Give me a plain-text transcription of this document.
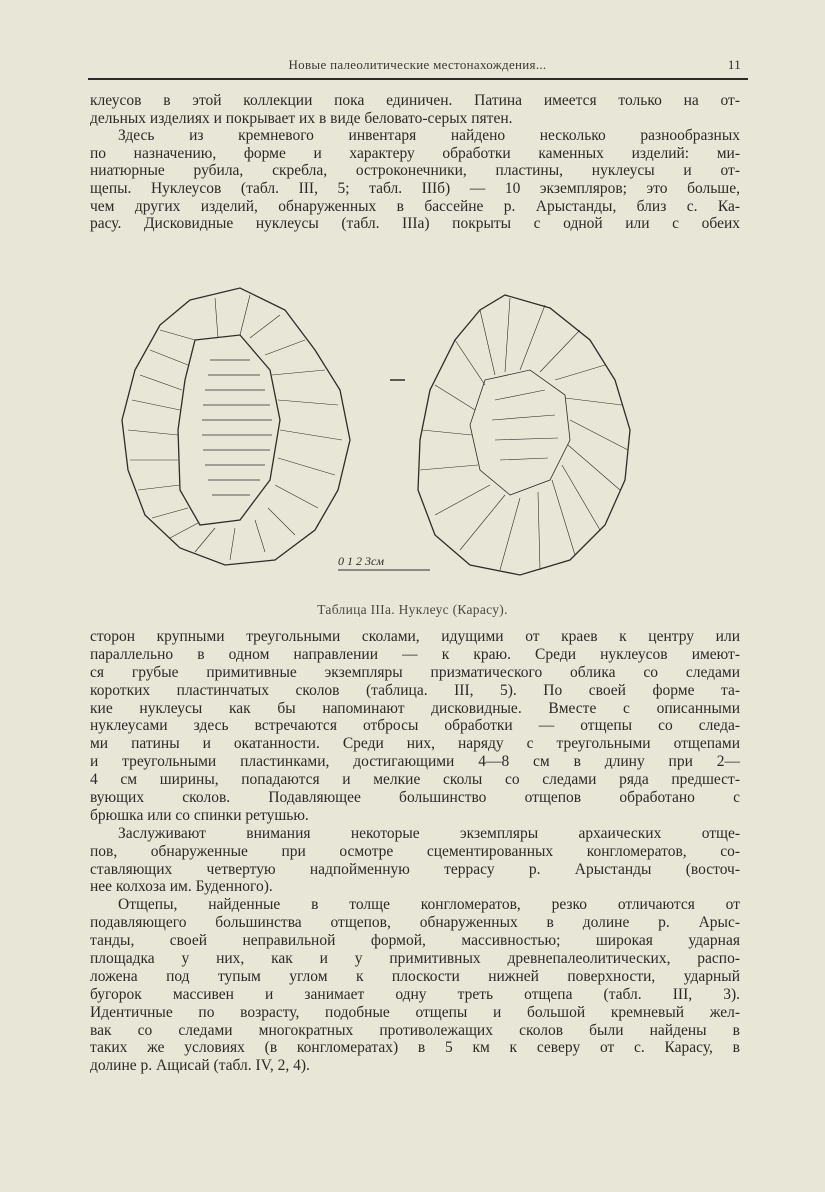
Новые палеолитические местонахождения...	11
клеусов в этой коллекции пока единичен. Патина имеется только на от-
дельных изделиях и покрывает их в виде беловато-серых пятен.
Здесь из кремневого инвентаря найдено несколько разнообразных
по назначению, форме и характеру обработки каменных изделий: ми-
ниатюрные рубила, скребла, остроконечники, пластины, нуклеусы и от-
щепы. Нуклеусов (табл. III, 5; табл. IIIб) — 10 экземпляров; это больше,
чем других изделий, обнаруженных в бассейне р. Арыстанды, близ с. Ка-
расу. Дисковидные нуклеусы (табл. IIIа) покрыты с одной или с обеих
0 1 2 3см
Таблица IIIа. Нуклеус (Карасу).
сторон крупными треугольными сколами, идущими от краев к центру или
параллельно в одном направлении — к краю. Среди нуклеусов имеют-
ся грубые примитивные экземпляры призматического облика со следами
коротких пластинчатых сколов (таблица. III, 5). По своей форме та-
кие нуклеусы как бы напоминают дисковидные. Вместе с описанными
нуклеусами здесь встречаются отбросы обработки — отщепы со следа-
ми патины и окатанности. Среди них, наряду с треугольными отщепами
и треугольными пластинками, достигающими 4—8 см в длину при 2—
4 см ширины, попадаются и мелкие сколы со следами ряда предшест-
вующих сколов. Подавляющее большинство отщепов обработано с
брюшка или со спинки ретушью.
Заслуживают внимания некоторые экземпляры архаических отще-
пов, обнаруженные при осмотре сцементированных конгломератов, со-
ставляющих четвертую надпойменную террасу р. Арыстанды (восточ-
нее колхоза им. Буденного).
Отщепы, найденные в толще конгломератов, резко отличаются от
подавляющего большинства отщепов, обнаруженных в долине р. Арыс-
танды, своей неправильной формой, массивностью; широкая ударная
площадка у них, как и у примитивных древнепалеолитических, распо-
ложена под тупым углом к плоскости нижней поверхности, ударный
бугорок массивен и занимает одну треть отщепа (табл. III, 3).
Идентичные по возрасту, подобные отщепы и большой кремневый жел-
вак со следами многократных противолежащих сколов были найдены в
таких же условиях (в конгломератах) в 5 км к северу от с. Карасу, в
долине р. Ащисай (табл. IV, 2, 4).
